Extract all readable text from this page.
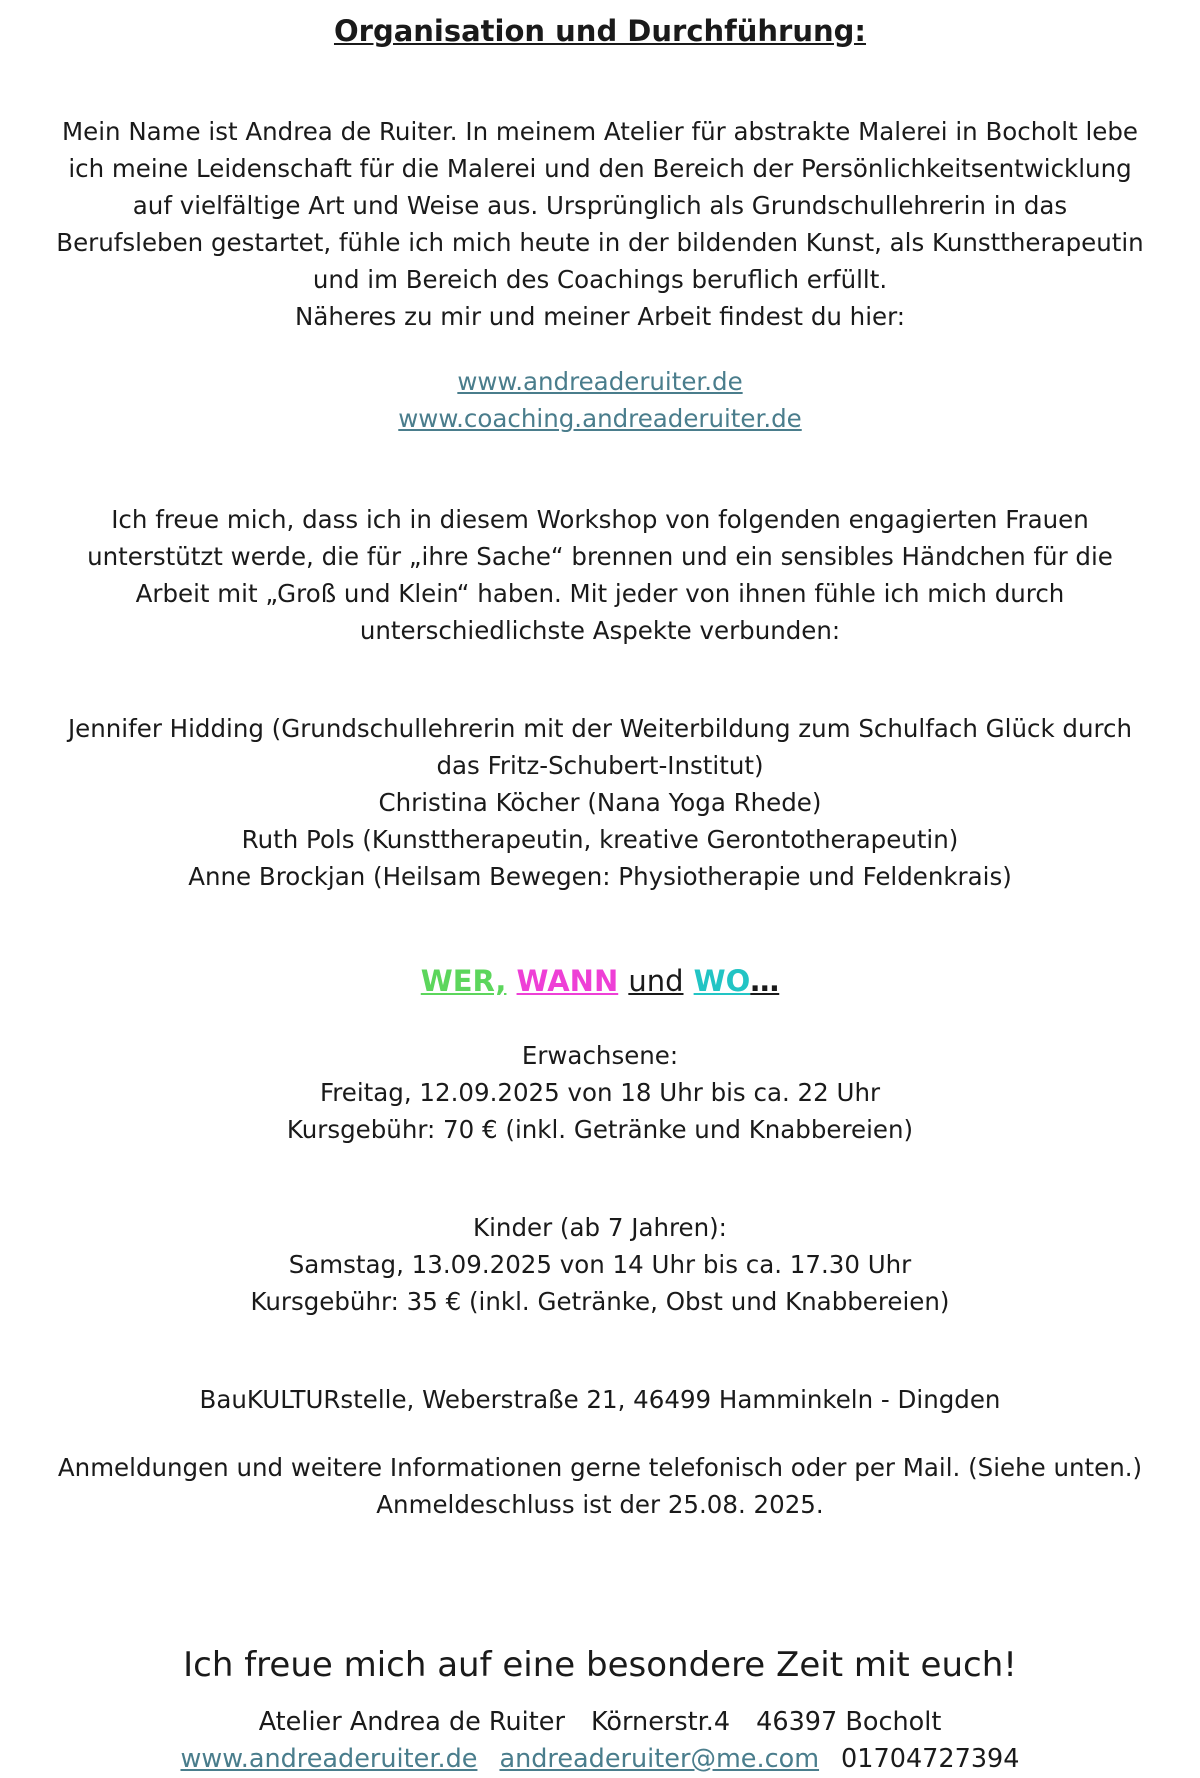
Organisation und Durchführung:
Mein Name ist Andrea de Ruiter. In meinem Atelier für abstrakte Malerei in Bocholt lebe
ich meine Leidenschaft für die Malerei und den Bereich der Persönlichkeitsentwicklung
auf vielfältige Art und Weise aus. Ursprünglich als Grundschullehrerin in das
Berufsleben gestartet, fühle ich mich heute in der bildenden Kunst, als Kunsttherapeutin
und im Bereich des Coachings beruflich erfüllt.
Näheres zu mir und meiner Arbeit findest du hier:
www.andreaderuiter.de
www.coaching.andreaderuiter.de
Ich freue mich, dass ich in diesem Workshop von folgenden engagierten Frauen
unterstützt werde, die für „ihre Sache“ brennen und ein sensibles Händchen für die
Arbeit mit „Groß und Klein“ haben. Mit jeder von ihnen fühle ich mich durch
unterschiedlichste Aspekte verbunden:
Jennifer Hidding (Grundschullehrerin mit der Weiterbildung zum Schulfach Glück durch
das Fritz-Schubert-Institut)
Christina Köcher (Nana Yoga Rhede)
Ruth Pols (Kunsttherapeutin, kreative Gerontotherapeutin)
Anne Brockjan (Heilsam Bewegen: Physiotherapie und Feldenkrais)
WER, WANN und WO…
Erwachsene:
Freitag, 12.09.2025 von 18 Uhr bis ca. 22 Uhr
Kursgebühr: 70 € (inkl. Getränke und Knabbereien)
Kinder (ab 7 Jahren):
Samstag, 13.09.2025 von 14 Uhr bis ca. 17.30 Uhr
Kursgebühr: 35 € (inkl. Getränke, Obst und Knabbereien)
BauKULTURstelle, Weberstraße 21, 46499 Hamminkeln - Dingden
Anmeldungen und weitere Informationen gerne telefonisch oder per Mail. (Siehe unten.)
Anmeldeschluss ist der 25.08. 2025.
Ich freue mich auf eine besondere Zeit mit euch!
Atelier Andrea de Ruiter Körnerstr.4 46397 Bocholt
www.andreaderuiter.de andreaderuiter@me.com 01704727394
